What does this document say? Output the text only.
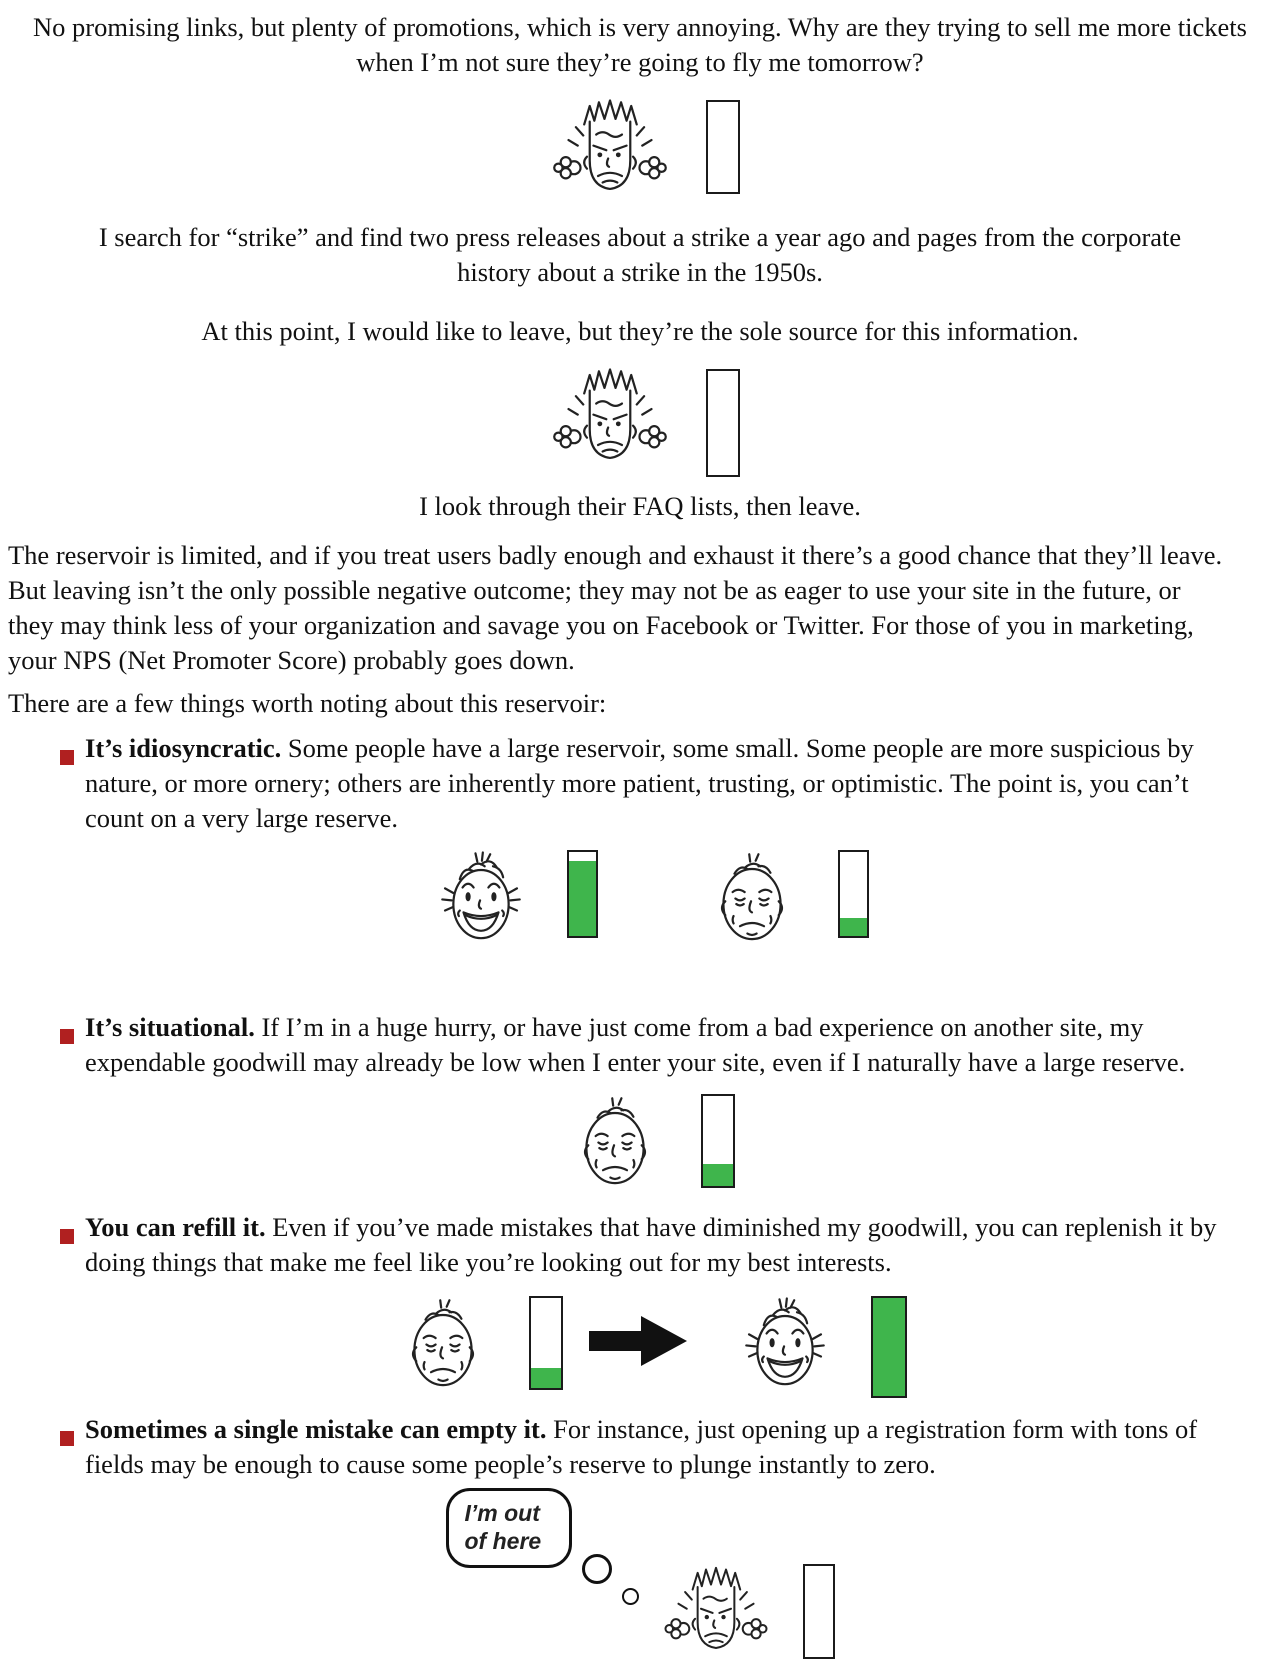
No promising links, but plenty of promotions, which is very annoying. Why are they trying to sell me more tickets when I’m not sure they’re going to fly me tomorrow?

I search for “strike” and find two press releases about a strike a year ago and pages from the corporate history about a strike in the 1950s.

At this point, I would like to leave, but they’re the sole source for this information.

I look through their FAQ lists, then leave.

The reservoir is limited, and if you treat users badly enough and exhaust it there’s a good chance that they’ll leave. But leaving isn’t the only possible negative outcome; they may not be as eager to use your site in the future, or they may think less of your organization and savage you on Facebook or Twitter. For those of you in marketing, your NPS (Net Promoter Score) probably goes down.

There are a few things worth noting about this reservoir:

It’s idiosyncratic. Some people have a large reservoir, some small. Some people are more suspicious by nature, or more ornery; others are inherently more patient, trusting, or optimistic. The point is, you can’t count on a very large reserve.

It’s situational. If I’m in a huge hurry, or have just come from a bad experience on another site, my expendable goodwill may already be low when I enter your site, even if I naturally have a large reserve.

You can refill it. Even if you’ve made mistakes that have diminished my goodwill, you can replenish it by doing things that make me feel like you’re looking out for my best interests.

Sometimes a single mistake can empty it. For instance, just opening up a registration form with tons of fields may be enough to cause some people’s reserve to plunge instantly to zero.

I’m out of here
